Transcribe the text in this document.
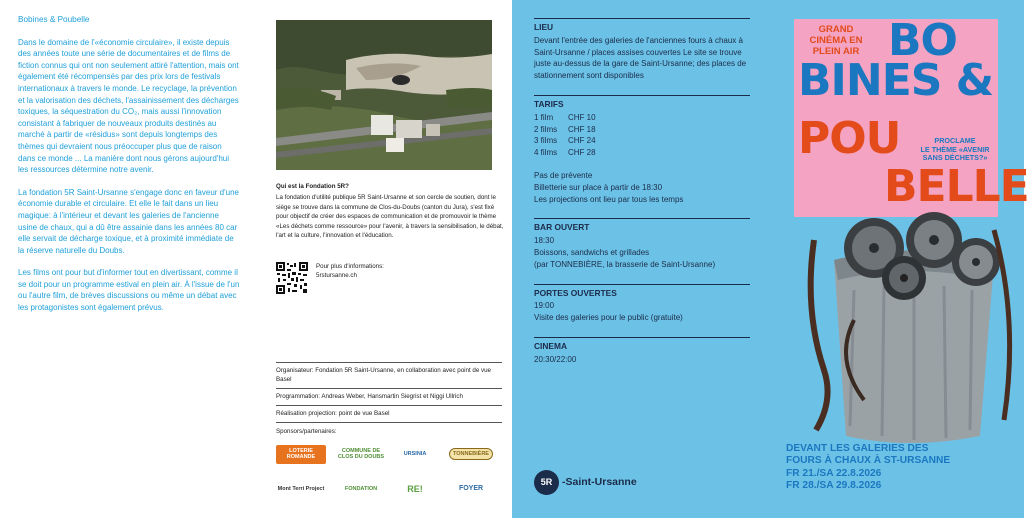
Bobines & Poubelle

Dans le domaine de l'«économie circulaire», il existe depuis des années toute une série de documentaires et de films de fiction connus qui ont non seulement attiré l'attention, mais ont également été récompensés par des prix lors de festivals internationaux à travers le monde. Le recyclage, la prévention et la valorisation des déchets, l'assainissement des décharges toxiques, la séquestration du CO₂, mais aussi l'innovation consistant à fabriquer de nouveaux produits destinés au marché à partir de «résidus» sont depuis longtemps des thèmes qui devraient nous préoccuper plus que de raison dans ce monde ... La manière dont nous gérons aujourd'hui les ressources détermine notre avenir.

La fondation 5R Saint-Ursanne s'engage donc en faveur d'une économie durable et circulaire. Et elle le fait dans un lieu magique: à l'intérieur et devant les galeries de l'ancienne usine de chaux, qui a dû être assainie dans les années 80 car elle servait de décharge toxique, et à proximité immédiate de la réserve naturelle du Doubs.

Les films ont pour but d'informer tout en divertissant, comme il se doit pour un programme estival en plein air. À l'issue de l'un ou l'autre film, de brèves discussions ou même un débat avec les protagonistes sont également prévus.

Qui est la Fondation 5R?
La fondation d'utilité publique 5R Saint-Ursanne et son cercle de soutien, dont le siège se trouve dans la commune de Clos-du-Doubs (canton du Jura), s'est fixé pour objectif de créer des espaces de communication et de promouvoir le thème «Les déchets comme ressource» pour l'avenir, à travers la sensibilisation, le débat, l'art et la culture, l'innovation et l'éducation.
Pour plus d'informations:
5rstursanne.ch
Organisateur: Fondation 5R Saint-Ursanne, en collaboration avec point de vue Basel
Programmation: Andreas Weber, Hansmartin Siegrist et Niggi Ullrich
Réalisation projection: point de vue Basel
Sponsors/partenaires:
LOTERIE ROMANDE
COMMUNE DE CLOS DU DOUBS
URSINIA	TONNEBIÈRE
Mont Terri Project	FONDATION	RE!	FOYER
LIEU
Devant l'entrée des galeries de l'anciennes fours à chaux à Saint-Ursanne / places assises couvertes Le site se trouve juste au-dessus de la gare de Saint-Ursanne; des places de stationnement sont disponibles
TARIFS
1 film	CHF 10
2 films	CHF 18
3 films	CHF 24
4 films	CHF 28
Pas de prévente
Billetterie sur place à partir de 18:30
Les projections ont lieu par tous les temps
BAR OUVERT
18:30
Boissons, sandwichs et grillades
(par TONNEBIÈRE, la brasserie de Saint-Ursanne)
PORTES OUVERTES
19:00
Visite des galeries pour le public (gratuite)
CINEMA
20:30/22:00
5R -Saint-Ursanne
GRAND
CINÉMA EN
PLEIN AIR BO
BINES &
POU
BELLE
PROCLAME
LE THÈME «AVENIR
SANS DÉCHETS?»
DEVANT LES GALERIES DES
FOURS À CHAUX À ST-URSANNE
FR 21./SA 22.8.2026
FR 28./SA 29.8.2026
